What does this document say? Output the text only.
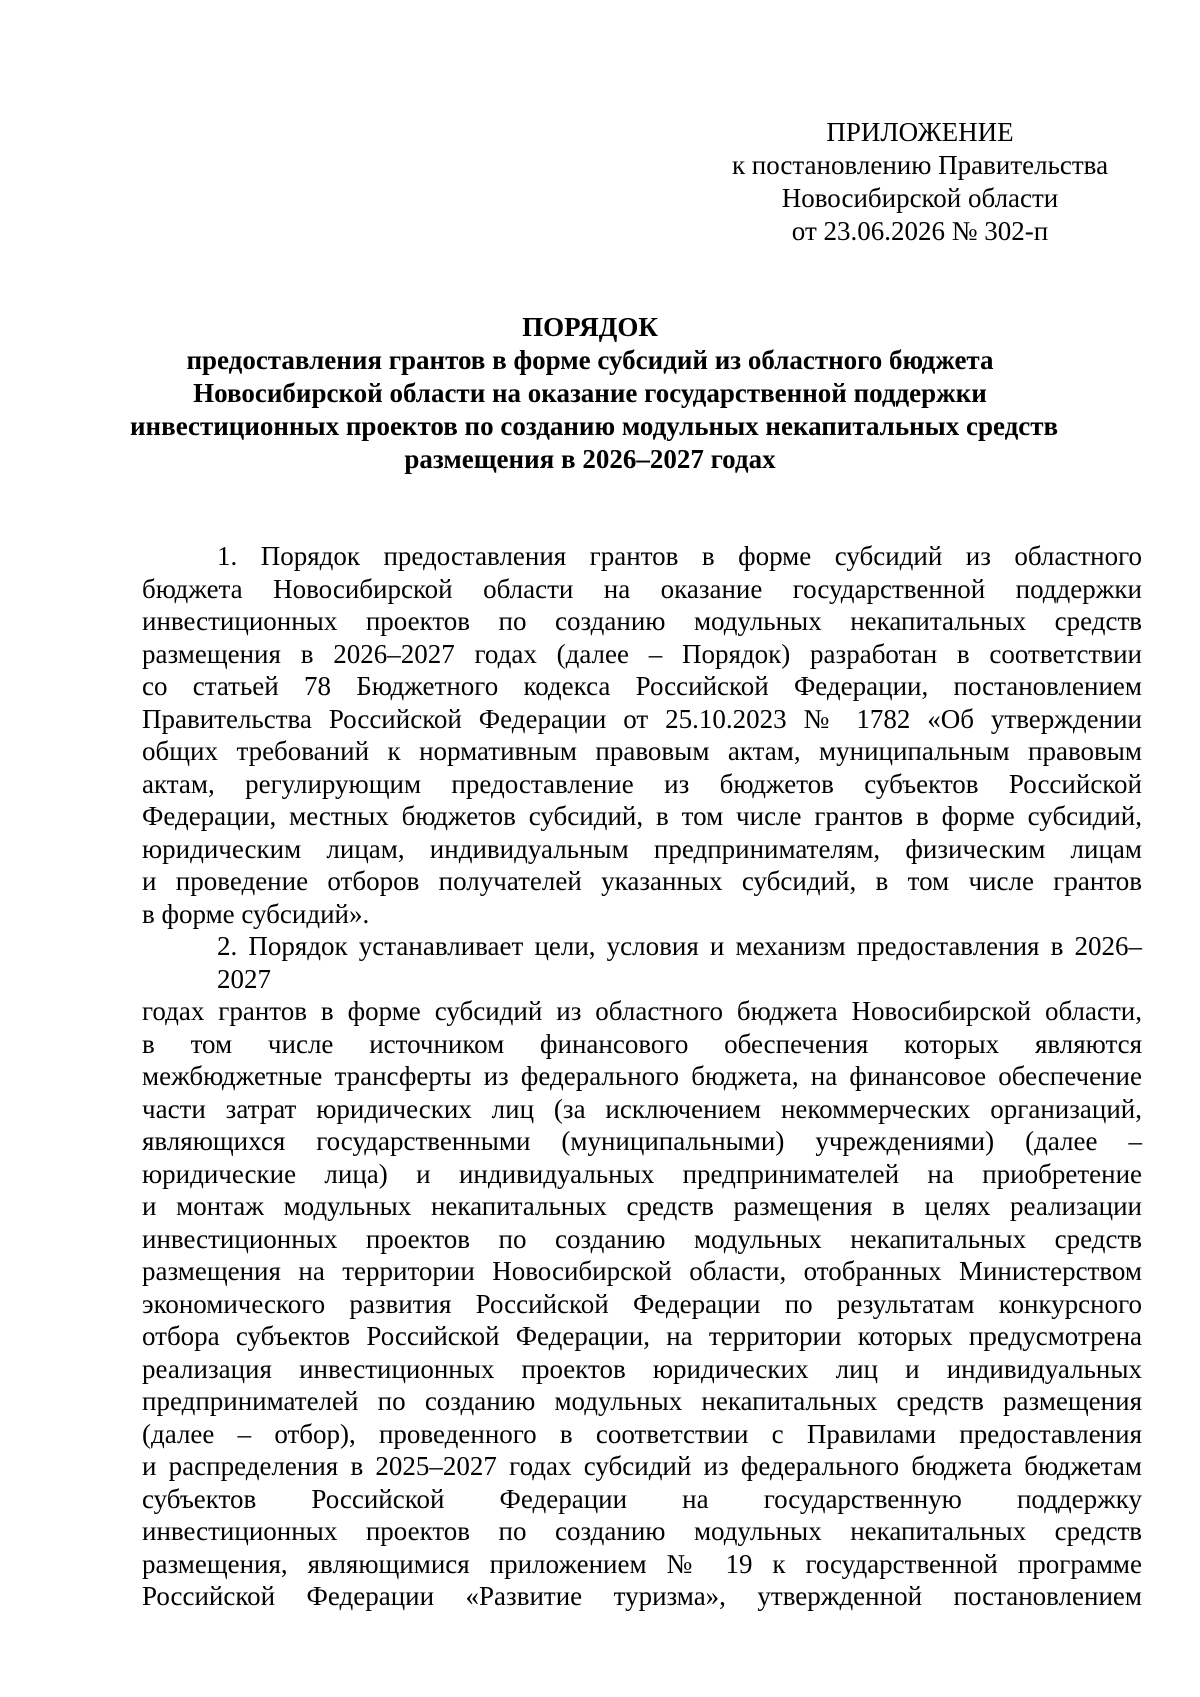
ПРИЛОЖЕНИЕ
к постановлению Правительства
Новосибирской области
от 23.06.2026 № 302-п
ПОРЯДОК
предоставления грантов в форме субсидий из областного бюджета
Новосибирской области на оказание государственной поддержки
инвестиционных проектов по созданию модульных некапитальных средств
размещения в 2026–2027 годах
1. Порядок предоставления грантов в форме субсидий из областного
бюджета Новосибирской области на оказание государственной поддержки
инвестиционных проектов по созданию модульных некапитальных средств
размещения в 2026–2027 годах (далее – Порядок) разработан в соответствии
со статьей 78 Бюджетного кодекса Российской Федерации, постановлением
Правительства Российской Федерации от 25.10.2023 № 1782 «Об утверждении
общих требований к нормативным правовым актам, муниципальным правовым
актам, регулирующим предоставление из бюджетов субъектов Российской
Федерации, местных бюджетов субсидий, в том числе грантов в форме субсидий,
юридическим лицам, индивидуальным предпринимателям, физическим лицам
и проведение отборов получателей указанных субсидий, в том числе грантов
в форме субсидий».
2. Порядок устанавливает цели, условия и механизм предоставления в 2026–2027
годах грантов в форме субсидий из областного бюджета Новосибирской области,
в том числе источником финансового обеспечения которых являются
межбюджетные трансферты из федерального бюджета, на финансовое обеспечение
части затрат юридических лиц (за исключением некоммерческих организаций,
являющихся государственными (муниципальными) учреждениями) (далее –
юридические лица) и индивидуальных предпринимателей на приобретение
и монтаж модульных некапитальных средств размещения в целях реализации
инвестиционных проектов по созданию модульных некапитальных средств
размещения на территории Новосибирской области, отобранных Министерством
экономического развития Российской Федерации по результатам конкурсного
отбора субъектов Российской Федерации, на территории которых предусмотрена
реализация инвестиционных проектов юридических лиц и индивидуальных
предпринимателей по созданию модульных некапитальных средств размещения
(далее – отбор), проведенного в соответствии с Правилами предоставления
и распределения в 2025–2027 годах субсидий из федерального бюджета бюджетам
субъектов Российской Федерации на государственную поддержку
инвестиционных проектов по созданию модульных некапитальных средств
размещения, являющимися приложением № 19 к государственной программе
Российской Федерации «Развитие туризма», утвержденной постановлением
